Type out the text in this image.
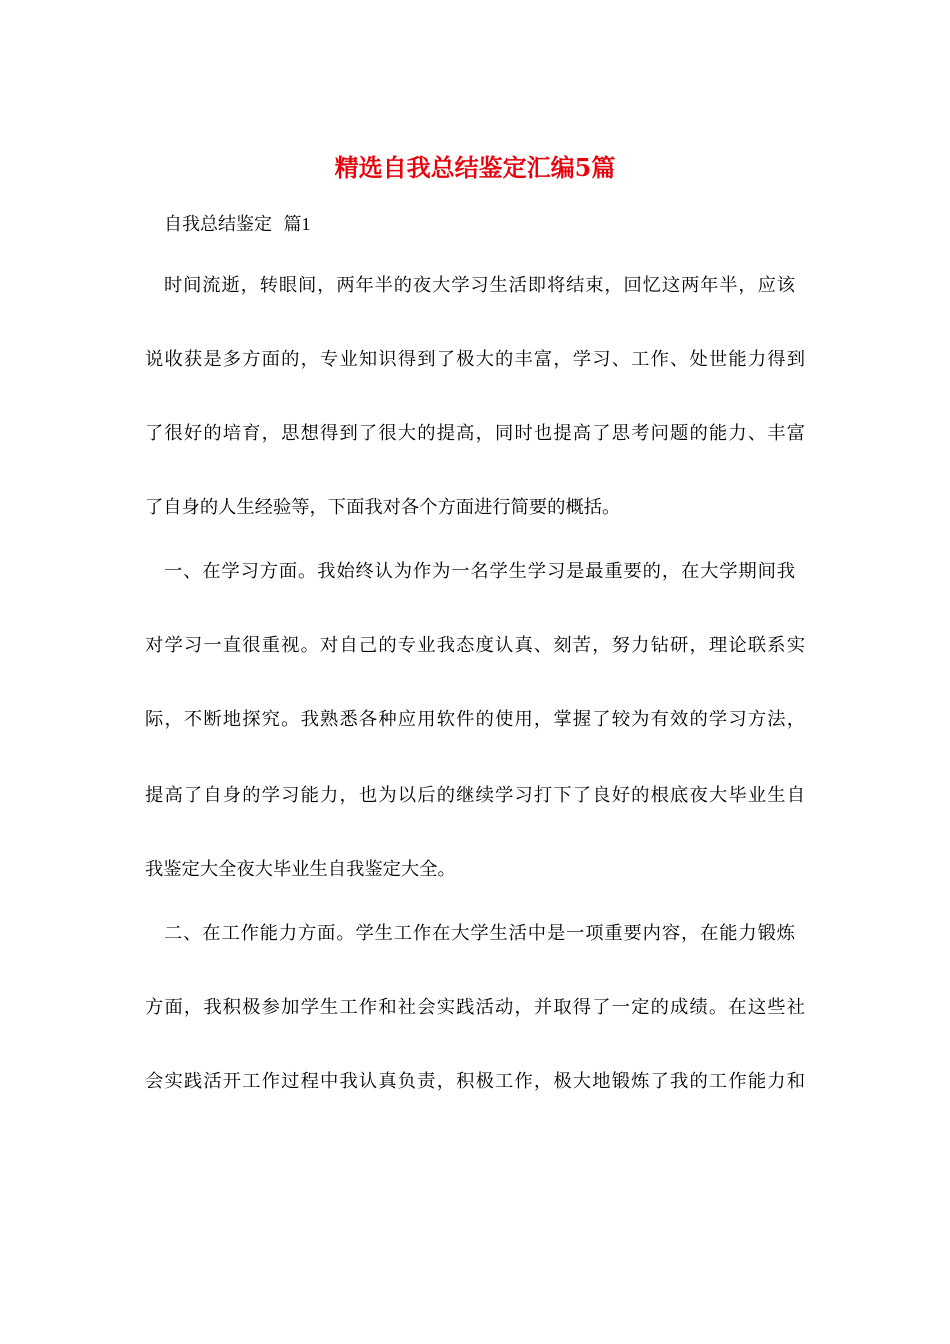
精选自我总结鉴定汇编5篇

自我总结鉴定 篇1

时间流逝，转眼间，两年半的夜大学习生活即将结束，回忆这两年半，应该

说收获是多方面的，专业知识得到了极大的丰富，学习、工作、处世能力得到

了很好的培育，思想得到了很大的提高，同时也提高了思考问题的能力、丰富

了自身的人生经验等，下面我对各个方面进行简要的概括。

一、在学习方面。我始终认为作为一名学生学习是最重要的，在大学期间我

对学习一直很重视。对自己的专业我态度认真、刻苦，努力钻研，理论联系实

际，不断地探究。我熟悉各种应用软件的使用，掌握了较为有效的学习方法，

提高了自身的学习能力，也为以后的继续学习打下了良好的根底夜大毕业生自

我鉴定大全夜大毕业生自我鉴定大全。

二、在工作能力方面。学生工作在大学生活中是一项重要内容，在能力锻炼

方面，我积极参加学生工作和社会实践活动，并取得了一定的成绩。在这些社

会实践活开工作过程中我认真负责，积极工作，极大地锻炼了我的工作能力和
